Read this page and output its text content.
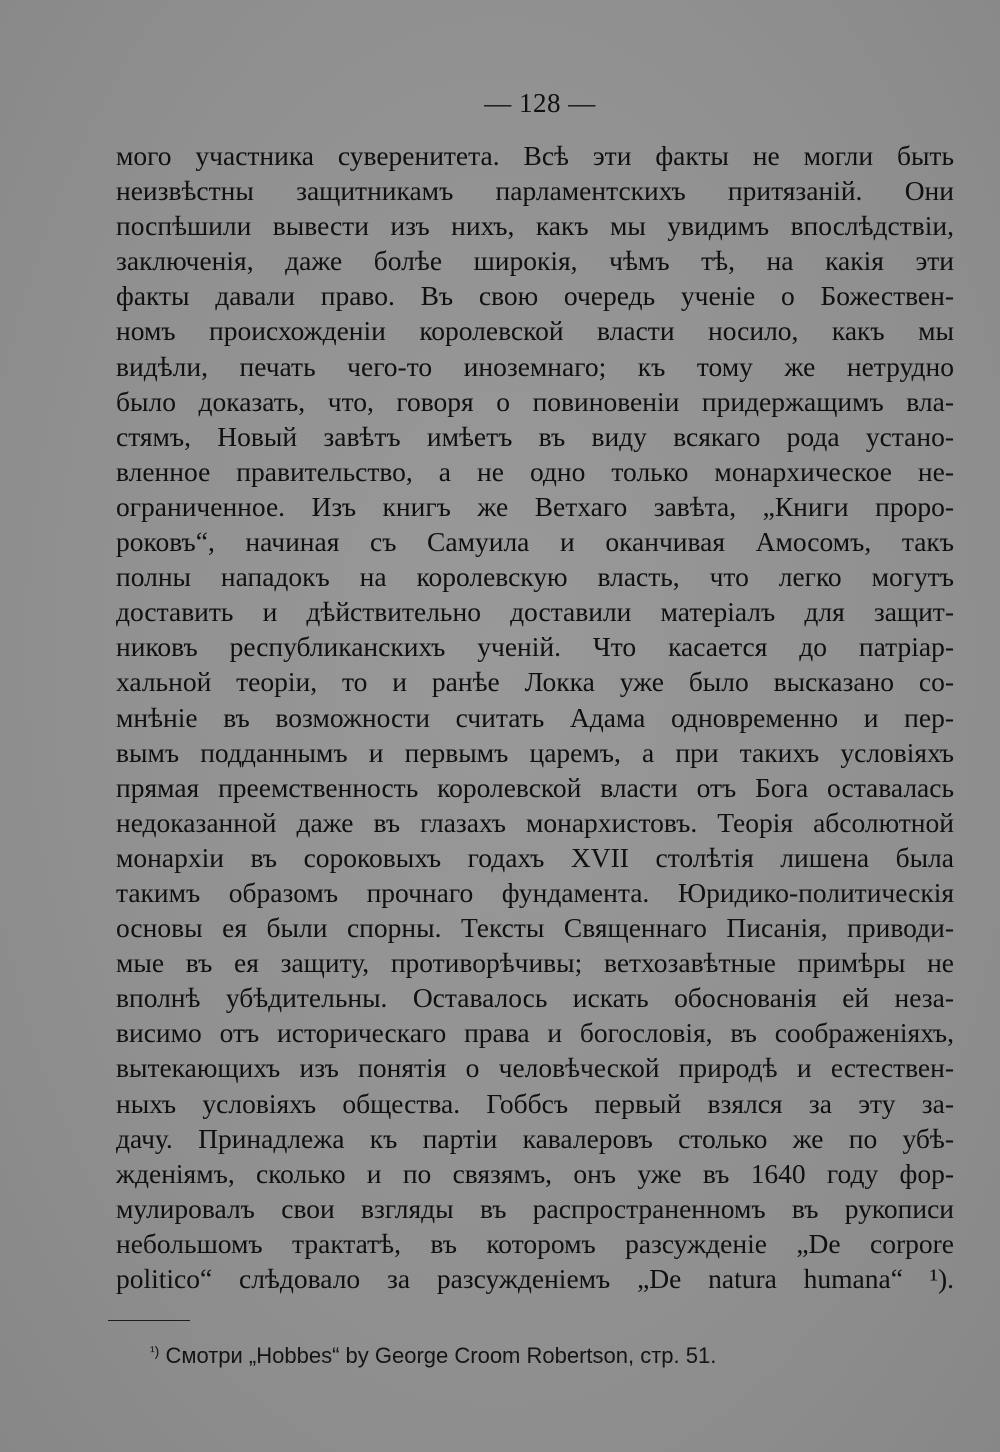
— 128 —
мого участника суверенитета. Всѣ эти факты не могли быть
неизвѣстны защитникамъ парламентскихъ притязаній. Они
поспѣшили вывести изъ нихъ, какъ мы увидимъ впослѣдствіи,
заключенія, даже болѣе широкія, чѣмъ тѣ, на какія эти
факты давали право. Въ свою очередь ученіе о Божествен-
номъ происхожденіи королевской власти носило, какъ мы
видѣли, печать чего-то иноземнаго; къ тому же нетрудно
было доказать, что, говоря о повиновеніи придержащимъ вла-
стямъ, Новый завѣтъ имѣетъ въ виду всякаго рода устано-
вленное правительство, а не одно только монархическое не-
ограниченное. Изъ книгъ же Ветхаго завѣта, „Книги проро-
роковъ“, начиная съ Самуила и оканчивая Амосомъ, такъ
полны нападокъ на королевскую власть, что легко могутъ
доставить и дѣйствительно доставили матеріалъ для защит-
никовъ республиканскихъ ученій. Что касается до патріар-
хальной теоріи, то и ранѣе Локка уже было высказано со-
мнѣніе въ возможности считать Адама одновременно и пер-
вымъ подданнымъ и первымъ царемъ, а при такихъ условіяхъ
прямая преемственность королевской власти отъ Бога оставалась
недоказанной даже въ глазахъ монархистовъ. Теорія абсолютной
монархіи въ сороковыхъ годахъ XVII столѣтія лишена была
такимъ образомъ прочнаго фундамента. Юридико-политическія
основы ея были спорны. Тексты Священнаго Писанія, приводи-
мые въ ея защиту, противорѣчивы; ветхозавѣтные примѣры не
вполнѣ убѣдительны. Оставалось искать обоснованія ей неза-
висимо отъ историческаго права и богословія, въ соображеніяхъ,
вытекающихъ изъ понятія о человѣческой природѣ и естествен-
ныхъ условіяхъ общества. Гоббсъ первый взялся за эту за-
дачу. Принадлежа къ партіи кавалеровъ столько же по убѣ-
жденіямъ, сколько и по связямъ, онъ уже въ 1640 году фор-
мулировалъ свои взгляды въ распространенномъ въ рукописи
небольшомъ трактатѣ, въ которомъ разсужденіе „De corpore
politico“ слѣдовало за разсужденіемъ „De natura humana“ ¹).
$^{^1)}$ Смотри „Hobbes“ by George Croom Robertson, стр. 51.
